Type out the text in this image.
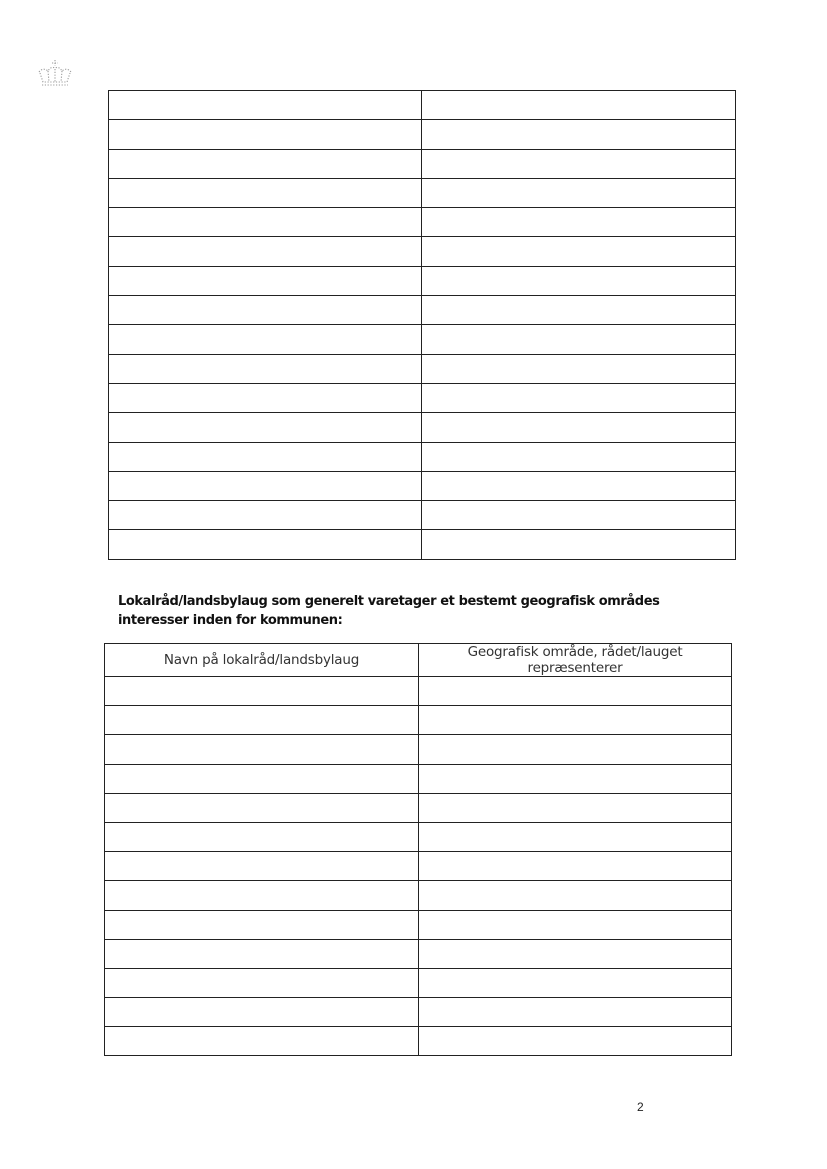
Lokalråd/landsbylaug som generelt varetager et bestemt geografisk områdes interesser inden for kommunen:
Navn på lokalråd/landsbylaug	Geografisk område, rådet/lauget repræsenterer

2
